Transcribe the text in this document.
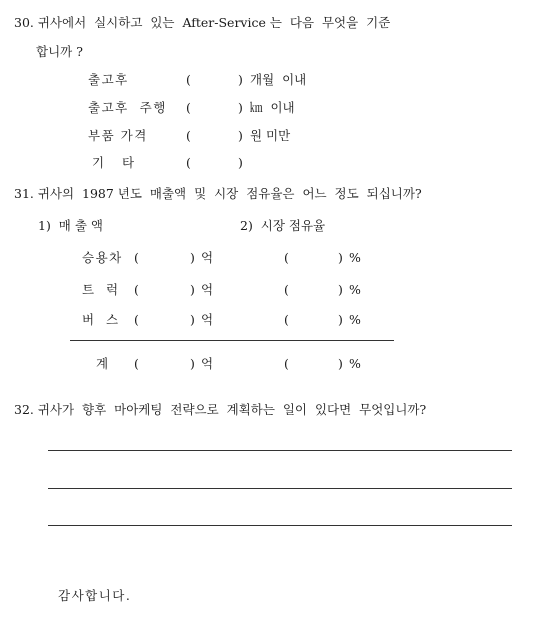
30. 귀사에서  실시하고  있는  After-Service 는  다음  무엇을  기준
합니까 ?
출고후	(	) 개월  이내
출고후  주행 (	) ㎞  이내
부품 가격	(	) 원 미만
기   타	(	)
31. 귀사의  1987 년도  매출액  및  시장  점유율은  어느  정도  되십니까?
1)  매 출 액	2)  시장 점유율
승용차 (	) 억	(	) %
트 럭 (	) 억	(	) %
버 스 (	) 억	(	) %
계 (	) 억	(	) %
32. 귀사가  향후  마아케팅  전략으로  계획하는  일이  있다면  무엇입니까?
감사합니다.
